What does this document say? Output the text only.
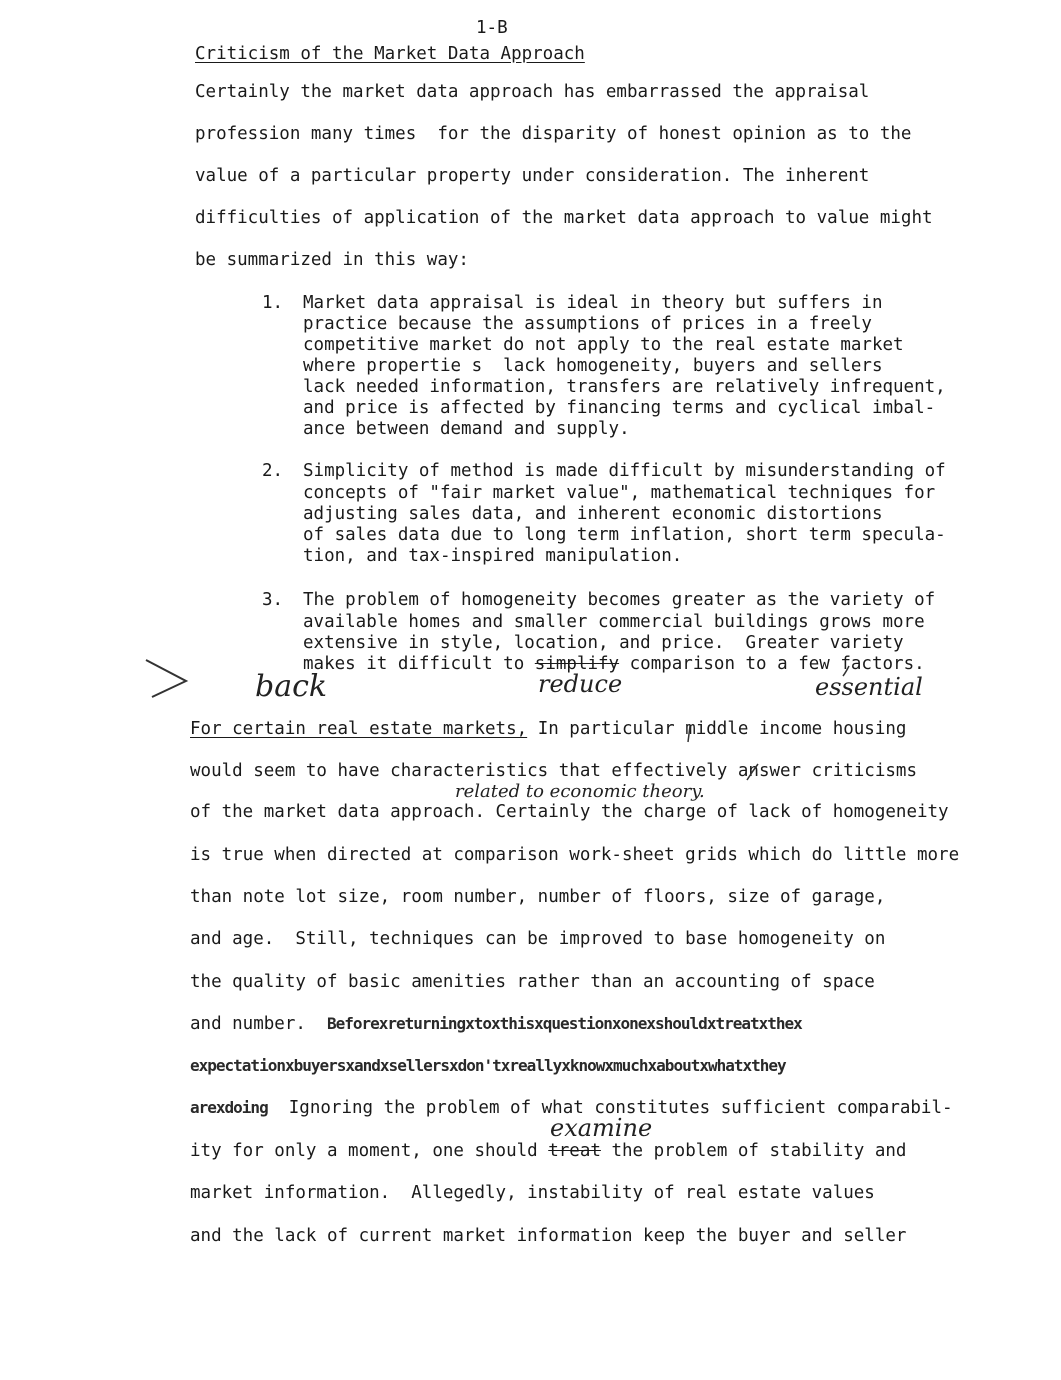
1-B
Criticism of the Market Data Approach
Certainly the market data approach has embarrassed the appraisal
profession many times  for the disparity of honest opinion as to the
value of a particular property under consideration. The inherent
difficulties of application of the market data approach to value might
be summarized in this way:
1. Market data appraisal is ideal in theory but suffers in
practice because the assumptions of prices in a freely
competitive market do not apply to the real estate market
where propertie s  lack homogeneity, buyers and sellers
lack needed information, transfers are relatively infrequent,
and price is affected by financing terms and cyclical imbal-
ance between demand and supply.
2. Simplicity of method is made difficult by misunderstanding of
concepts of "fair market value", mathematical techniques for
adjusting sales data, and inherent economic distortions
of sales data due to long term inflation, short term specula-
tion, and tax-inspired manipulation.
3. The problem of homogeneity becomes greater as the variety of
available homes and smaller commercial buildings grows more
extensive in style, location, and price.  Greater variety
makes it difficult to simplify comparison to a few factors.
back	reduce	essential
related to economic theory.
examine
For certain real estate markets, In particular middle income housing
would seem to have characteristics that effectively answer criticisms
of the market data approach. Certainly the charge of lack of homogeneity
is true when directed at comparison work-sheet grids which do little more
than note lot size, room number, number of floors, size of garage,
and age.  Still, techniques can be improved to base homogeneity on
the quality of basic amenities rather than an accounting of space
and number.  Beforexreturningxtoxthisxquestionxonexshouldxtreatxthex
expectationxbuyersxandxsellersxdon'txreallyxknowxmuchxaboutxwhatxthey
arexdoing  Ignoring the problem of what constitutes sufficient comparabil-
ity for only a moment, one should treat the problem of stability and
market information.  Allegedly, instability of real estate values
and the lack of current market information keep the buyer and seller
